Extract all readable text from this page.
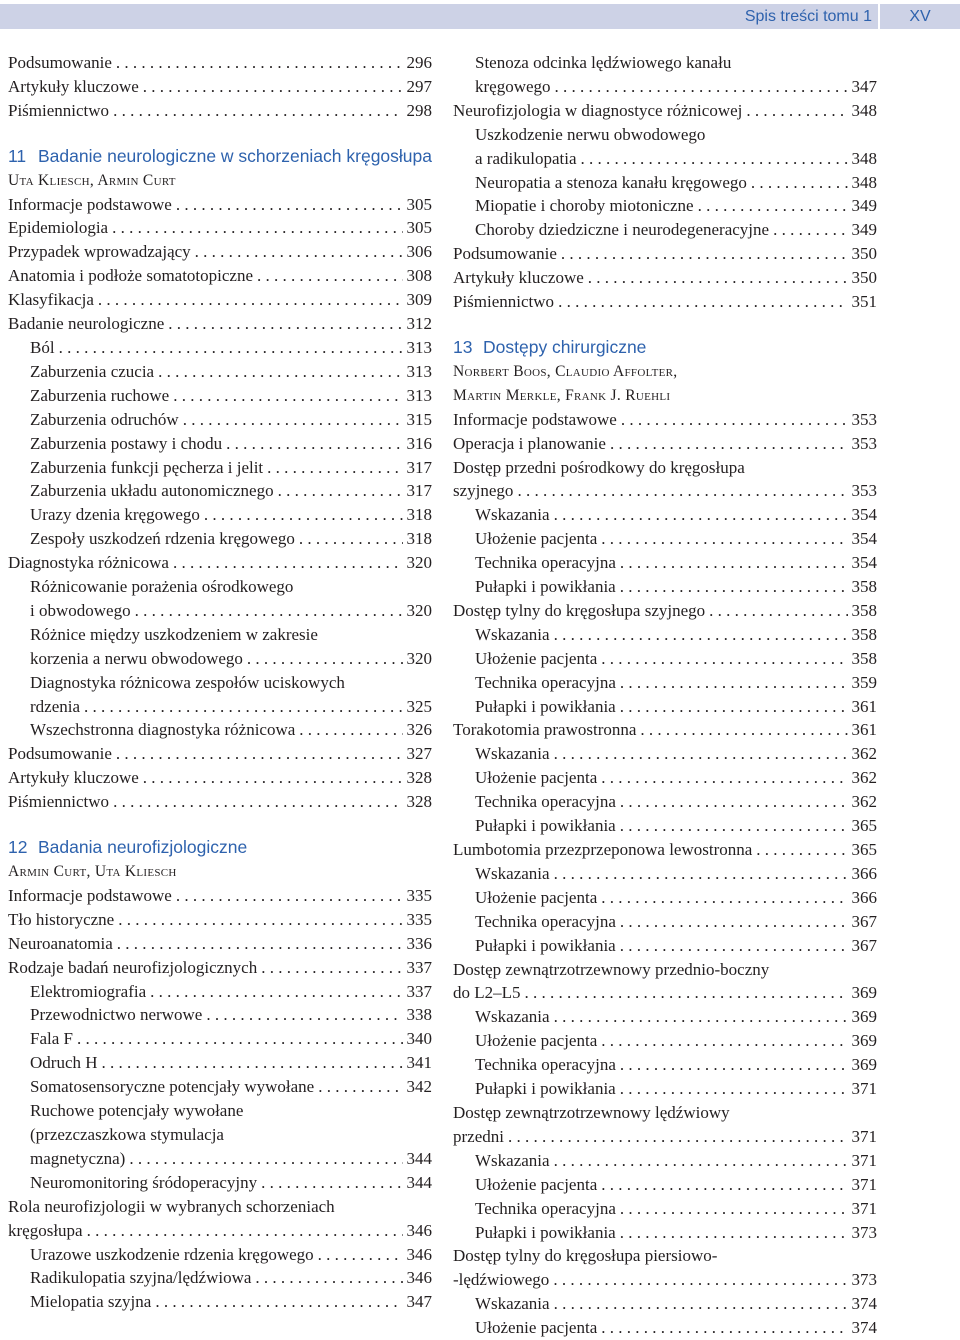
Spis treści tomu 1	XV
Podsumowanie . . .	296
Artykuły kluczowe . . .	297
Piśmiennictwo . . .	298
11 Badanie neurologiczne w schorzeniach kręgosłupa
Uta Kliesch, Armin Curt
Informacje podstawowe . . .	305
Epidemiologia . . .	305
Przypadek wprowadzający . . .	306
Anatomia i podłoże somatotopiczne . . .	308
Klasyfikacja . . .	309
Badanie neurologiczne . . .	312
Ból . . .	313
Zaburzenia czucia . . .	313
Zaburzenia ruchowe . . .	313
Zaburzenia odruchów . . .	315
Zaburzenia postawy i chodu . . .	316
Zaburzenia funkcji pęcherza i jelit . . .	317
Zaburzenia układu autonomicznego . . .	317
Urazy dzenia kręgowego . . .	318
Zespoły uszkodzeń rdzenia kręgowego . . .	318
Diagnostyka różnicowa . . .	320
Różnicowanie porażenia ośrodkowego
i obwodowego . . .	320
Różnice między uszkodzeniem w zakresie
korzenia a nerwu obwodowego . . .	320
Diagnostyka różnicowa zespołów uciskowych
rdzenia . . .	325
Wszechstronna diagnostyka różnicowa . . .	326
Podsumowanie . . .	327
Artykuły kluczowe . . .	328
Piśmiennictwo . . .	328
12 Badania neurofizjologiczne
Armin Curt, Uta Kliesch
Informacje podstawowe . . .	335
Tło historyczne . . .	335
Neuroanatomia . . .	336
Rodzaje badań neurofizjologicznych . . .	337
Elektromiografia . . .	337
Przewodnictwo nerwowe . . .	338
Fala F . . .	340
Odruch H . . .	341
Somatosensoryczne potencjały wywołane . . .	342
Ruchowe potencjały wywołane
(przezczaszkowa stymulacja
magnetyczna) . . .	344
Neuromonitoring śródoperacyjny . . .	344
Rola neurofizjologii w wybranych schorzeniach
kręgosłupa . . .	346
Urazowe uszkodzenie rdzenia kręgowego . . .	346
Radikulopatia szyjna/lędźwiowa . . .	346
Mielopatia szyjna . . .	347
Stenoza odcinka lędźwiowego kanału
kręgowego . . .	347
Neurofizjologia w diagnostyce różnicowej . . .	348
Uszkodzenie nerwu obwodowego
a radikulopatia . . .	348
Neuropatia a stenoza kanału kręgowego . . .	348
Miopatie i choroby miotoniczne . . .	349
Choroby dziedziczne i neurodegeneracyjne . . .	349
Podsumowanie . . .	350
Artykuły kluczowe . . .	350
Piśmiennictwo . . .	351
13 Dostępy chirurgiczne
Norbert Boos, Claudio Affolter,
Martin Merkle, Frank J. Ruehli
Informacje podstawowe . . .	353
Operacja i planowanie . . .	353
Dostęp przedni pośrodkowy do kręgosłupa
szyjnego . . .	353
Wskazania . . .	354
Ułożenie pacjenta . . .	354
Technika operacyjna . . .	354
Pułapki i powikłania . . .	358
Dostęp tylny do kręgosłupa szyjnego . . .	358
Wskazania . . .	358
Ułożenie pacjenta . . .	358
Technika operacyjna . . .	359
Pułapki i powikłania . . .	361
Torakotomia prawostronna . . .	361
Wskazania . . .	362
Ułożenie pacjenta . . .	362
Technika operacyjna . . .	362
Pułapki i powikłania . . .	365
Lumbotomia przezprzeponowa lewostronna . . .	365
Wskazania . . .	366
Ułożenie pacjenta . . .	366
Technika operacyjna . . .	367
Pułapki i powikłania . . .	367
Dostęp zewnątrzotrzewnowy przednio-boczny
do L2–L5 . . .	369
Wskazania . . .	369
Ułożenie pacjenta . . .	369
Technika operacyjna . . .	369
Pułapki i powikłania . . .	371
Dostęp zewnątrzotrzewnowy lędźwiowy
przedni . . .	371
Wskazania . . .	371
Ułożenie pacjenta . . .	371
Technika operacyjna . . .	371
Pułapki i powikłania . . .	373
Dostęp tylny do kręgosłupa piersiowo-
-lędźwiowego . . .	373
Wskazania . . .	374
Ułożenie pacjenta . . .	374
